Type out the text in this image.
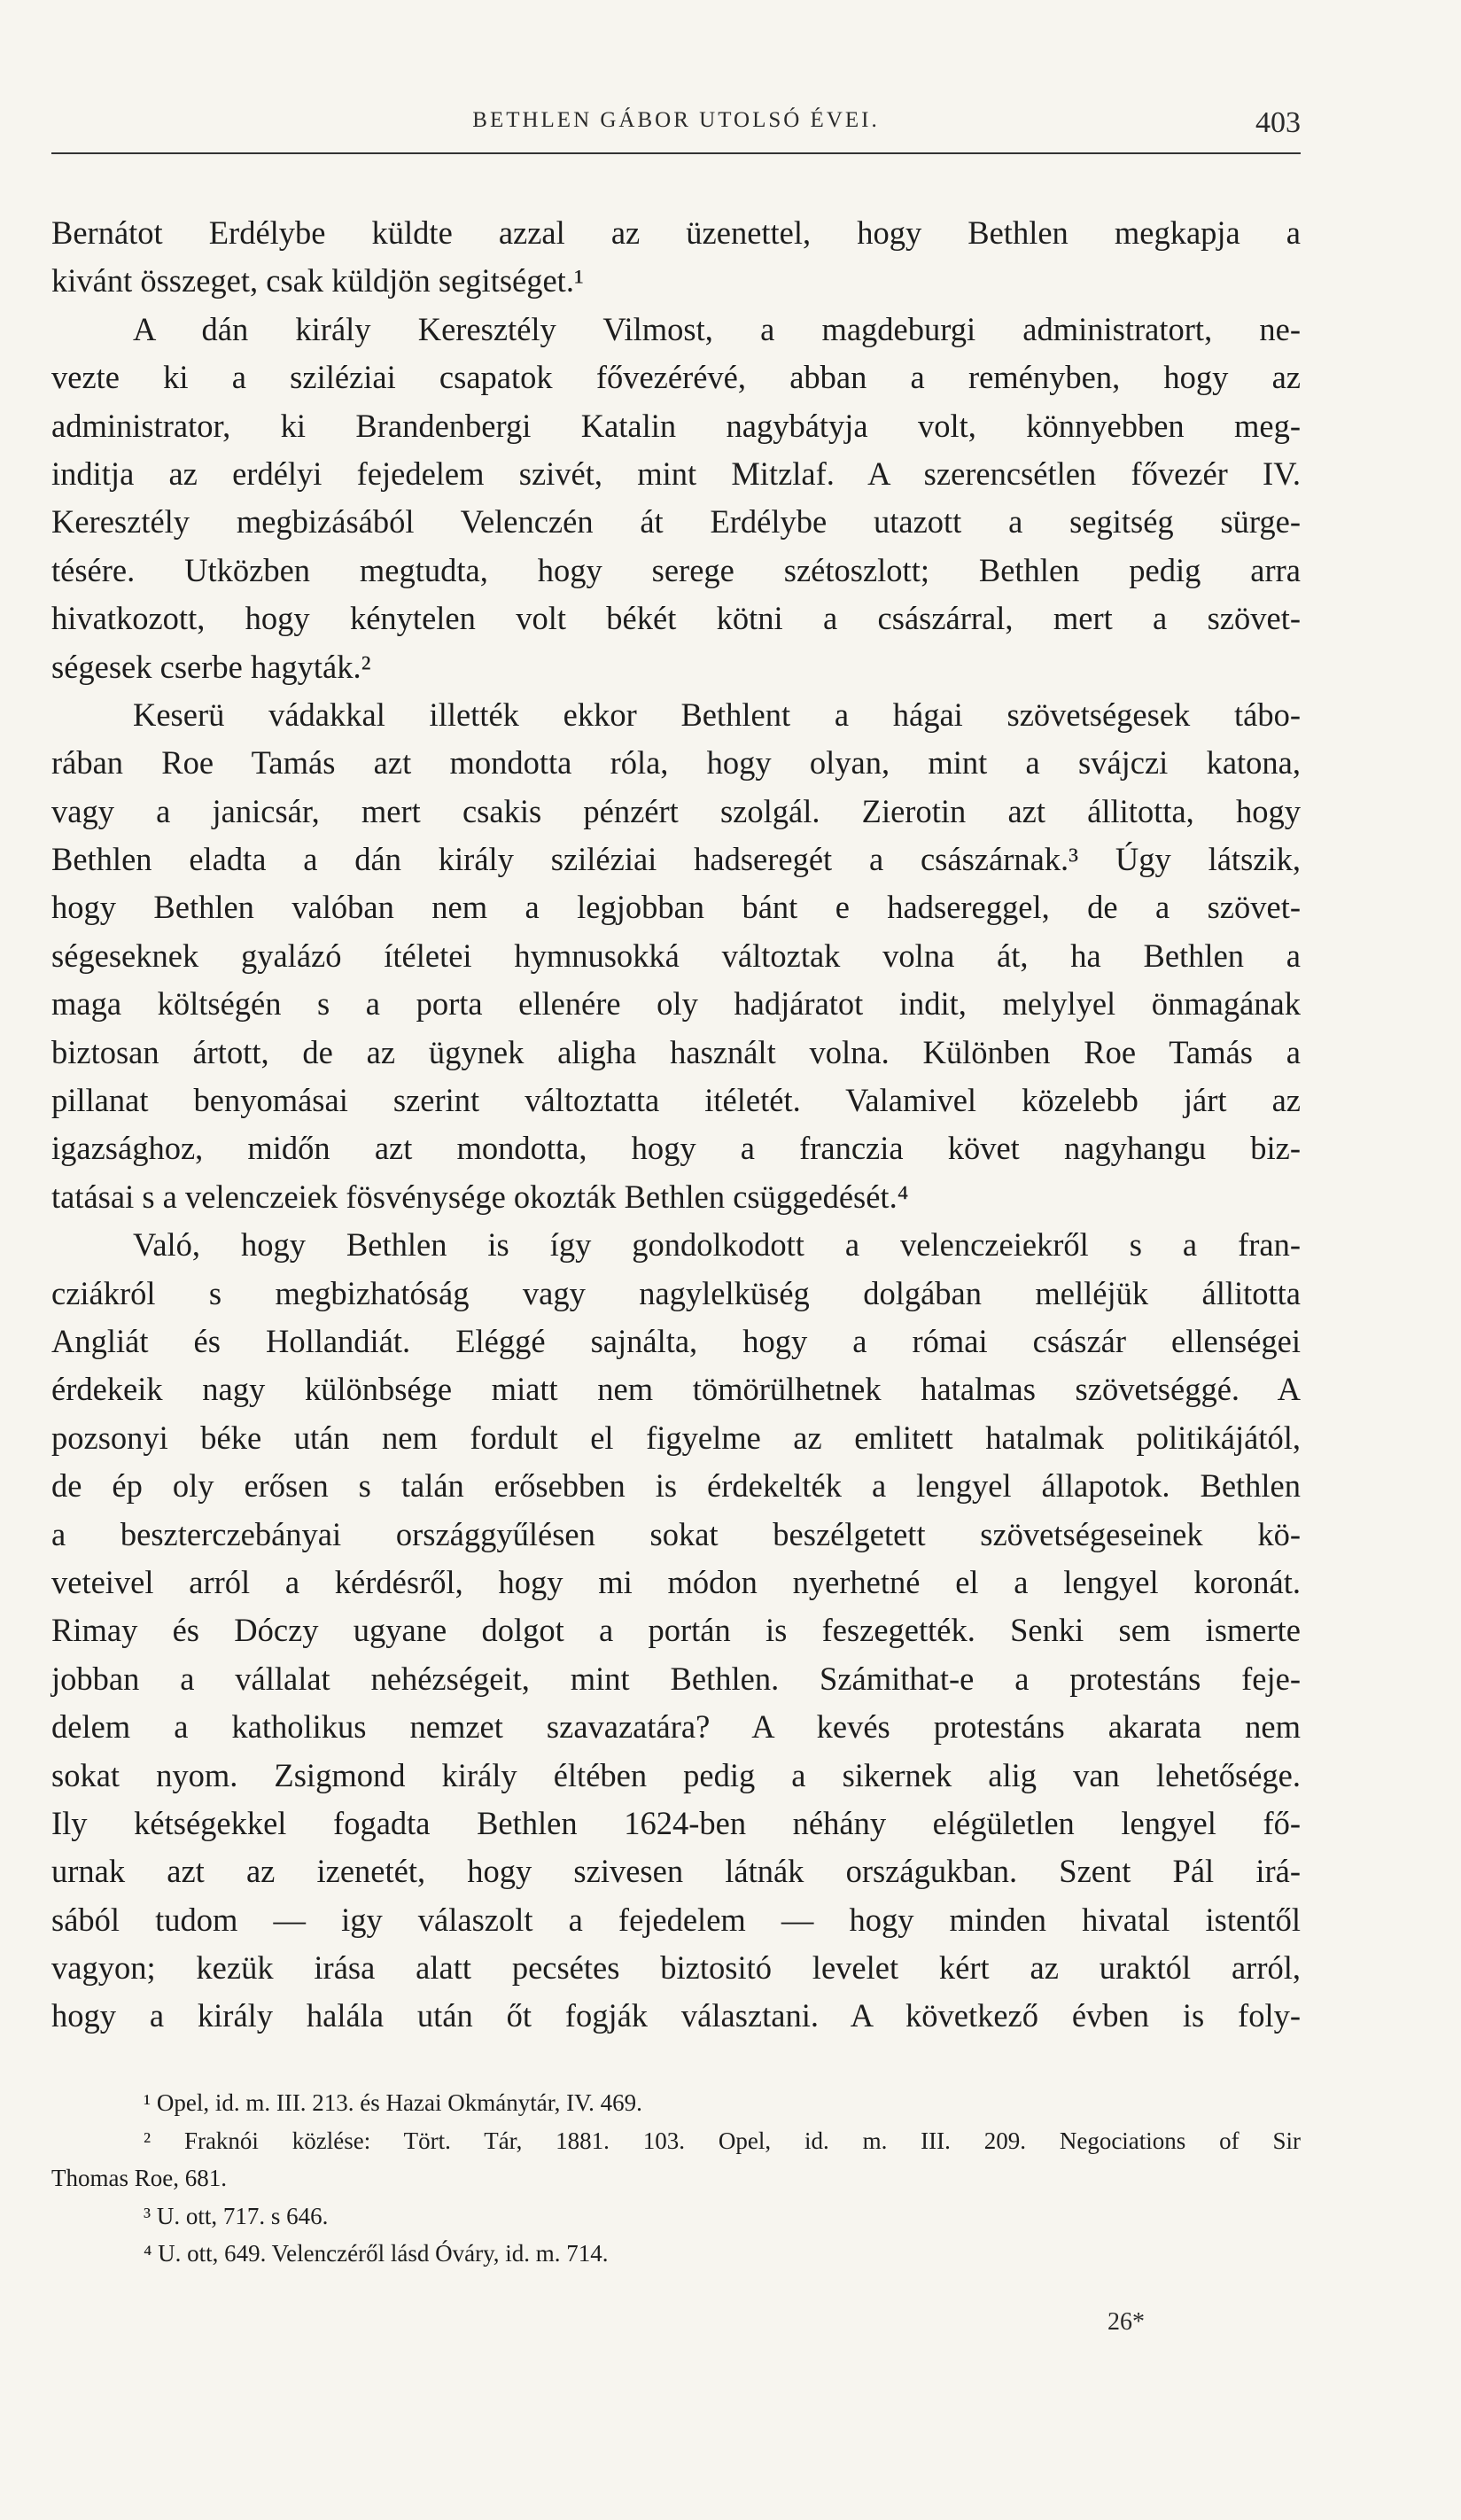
BETHLEN GÁBOR UTOLSÓ ÉVEI.	403
Bernátot Erdélybe küldte azzal az üzenettel, hogy Bethlen megkapja a
kivánt összeget, csak küldjön segitséget.¹
A dán király Keresztély Vilmost, a magdeburgi administratort, ne-
vezte ki a sziléziai csapatok fővezérévé, abban a reményben, hogy az
administrator, ki Brandenbergi Katalin nagybátyja volt, könnyebben meg-
inditja az erdélyi fejedelem szivét, mint Mitzlaf. A szerencsétlen fővezér IV.
Keresztély megbizásából Velenczén át Erdélybe utazott a segitség sürge-
tésére. Utközben megtudta, hogy serege szétoszlott; Bethlen pedig arra
hivatkozott, hogy kénytelen volt békét kötni a császárral, mert a szövet-
ségesek cserbe hagyták.²
Keserü vádakkal illették ekkor Bethlent a hágai szövetségesek tábo-
rában Roe Tamás azt mondotta róla, hogy olyan, mint a svájczi katona,
vagy a janicsár, mert csakis pénzért szolgál. Zierotin azt állitotta, hogy
Bethlen eladta a dán király sziléziai hadseregét a császárnak.³ Úgy látszik,
hogy Bethlen valóban nem a legjobban bánt e hadsereggel, de a szövet-
ségeseknek gyalázó ítéletei hymnusokká változtak volna át, ha Bethlen a
maga költségén s a porta ellenére oly hadjáratot indit, melylyel önmagának
biztosan ártott, de az ügynek aligha használt volna. Különben Roe Tamás a
pillanat benyomásai szerint változtatta itéletét. Valamivel közelebb járt az
igazsághoz, midőn azt mondotta, hogy a franczia követ nagyhangu biz-
tatásai s a velenczeiek fösvénysége okozták Bethlen csüggedését.⁴
Való, hogy Bethlen is így gondolkodott a velenczeiekről s a fran-
cziákról s megbizhatóság vagy nagylelküség dolgában melléjük állitotta
Angliát és Hollandiát. Eléggé sajnálta, hogy a római császár ellenségei
érdekeik nagy különbsége miatt nem tömörülhetnek hatalmas szövetséggé. A
pozsonyi béke után nem fordult el figyelme az emlitett hatalmak politikájától,
de ép oly erősen s talán erősebben is érdekelték a lengyel állapotok. Bethlen
a beszterczebányai országgyűlésen sokat beszélgetett szövetségeseinek kö-
veteivel arról a kérdésről, hogy mi módon nyerhetné el a lengyel koronát.
Rimay és Dóczy ugyane dolgot a portán is feszegették. Senki sem ismerte
jobban a vállalat nehézségeit, mint Bethlen. Számithat-e a protestáns feje-
delem a katholikus nemzet szavazatára? A kevés protestáns akarata nem
sokat nyom. Zsigmond király éltében pedig a sikernek alig van lehetősége.
Ily kétségekkel fogadta Bethlen 1624-ben néhány elégületlen lengyel fő-
urnak azt az izenetét, hogy szivesen látnák országukban. Szent Pál irá-
sából tudom — igy válaszolt a fejedelem — hogy minden hivatal istentől
vagyon; kezük irása alatt pecsétes biztositó levelet kért az uraktól arról,
hogy a király halála után őt fogják választani. A következő évben is foly-
¹ Opel, id. m. III. 213. és Hazai Okmánytár, IV. 469.
² Fraknói közlése: Tört. Tár, 1881. 103. Opel, id. m. III. 209. Negociations of Sir
Thomas Roe, 681.
³ U. ott, 717. s 646.
⁴ U. ott, 649. Velenczéről lásd Óváry, id. m. 714.
26*
